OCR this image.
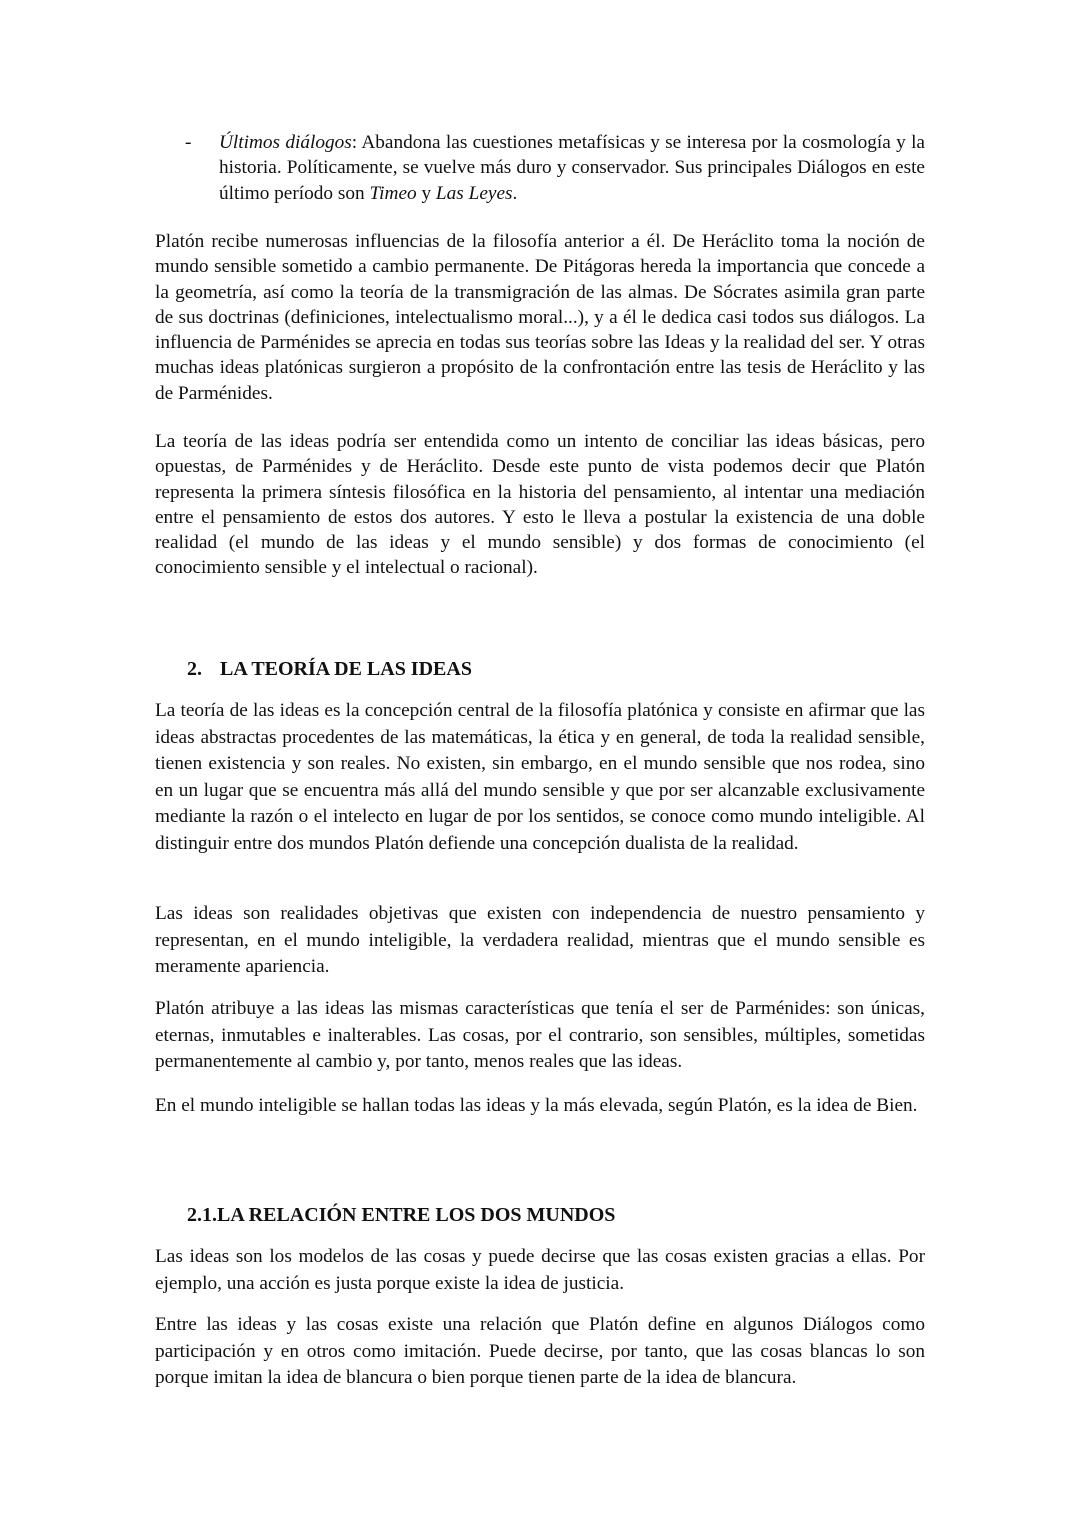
- Últimos diálogos: Abandona las cuestiones metafísicas y se interesa por la cosmología y la historia. Políticamente, se vuelve más duro y conservador. Sus principales Diálogos en este último período son Timeo y Las Leyes.

Platón recibe numerosas influencias de la filosofía anterior a él. De Heráclito toma la noción de mundo sensible sometido a cambio permanente. De Pitágoras hereda la importancia que concede a la geometría, así como la teoría de la transmigración de las almas. De Sócrates asimila gran parte de sus doctrinas (definiciones, intelectualismo moral...), y a él le dedica casi todos sus diálogos. La influencia de Parménides se aprecia en todas sus teorías sobre las Ideas y la realidad del ser. Y otras muchas ideas platónicas surgieron a propósito de la confrontación entre las tesis de Heráclito y las de Parménides.

La teoría de las ideas podría ser entendida como un intento de conciliar las ideas básicas, pero opuestas, de Parménides y de Heráclito. Desde este punto de vista podemos decir que Platón representa la primera síntesis filosófica en la historia del pensamiento, al intentar una mediación entre el pensamiento de estos dos autores. Y esto le lleva a postular la existencia de una doble realidad (el mundo de las ideas y el mundo sensible) y dos formas de conocimiento (el conocimiento sensible y el intelectual o racional).

2. LA TEORÍA DE LAS IDEAS

La teoría de las ideas es la concepción central de la filosofía platónica y consiste en afirmar que las ideas abstractas procedentes de las matemáticas, la ética y en general, de toda la realidad sensible, tienen existencia y son reales. No existen, sin embargo, en el mundo sensible que nos rodea, sino en un lugar que se encuentra más allá del mundo sensible y que por ser alcanzable exclusivamente mediante la razón o el intelecto en lugar de por los sentidos, se conoce como mundo inteligible. Al distinguir entre dos mundos Platón defiende una concepción dualista de la realidad.

Las ideas son realidades objetivas que existen con independencia de nuestro pensamiento y representan, en el mundo inteligible, la verdadera realidad, mientras que el mundo sensible es meramente apariencia.

Platón atribuye a las ideas las mismas características que tenía el ser de Parménides: son únicas, eternas, inmutables e inalterables. Las cosas, por el contrario, son sensibles, múltiples, sometidas permanentemente al cambio y, por tanto, menos reales que las ideas.

En el mundo inteligible se hallan todas las ideas y la más elevada, según Platón, es la idea de Bien.

2.1.LA RELACIÓN ENTRE LOS DOS MUNDOS

Las ideas son los modelos de las cosas y puede decirse que las cosas existen gracias a ellas. Por ejemplo, una acción es justa porque existe la idea de justicia.

Entre las ideas y las cosas existe una relación que Platón define en algunos Diálogos como participación y en otros como imitación. Puede decirse, por tanto, que las cosas blancas lo son porque imitan la idea de blancura o bien porque tienen parte de la idea de blancura.
